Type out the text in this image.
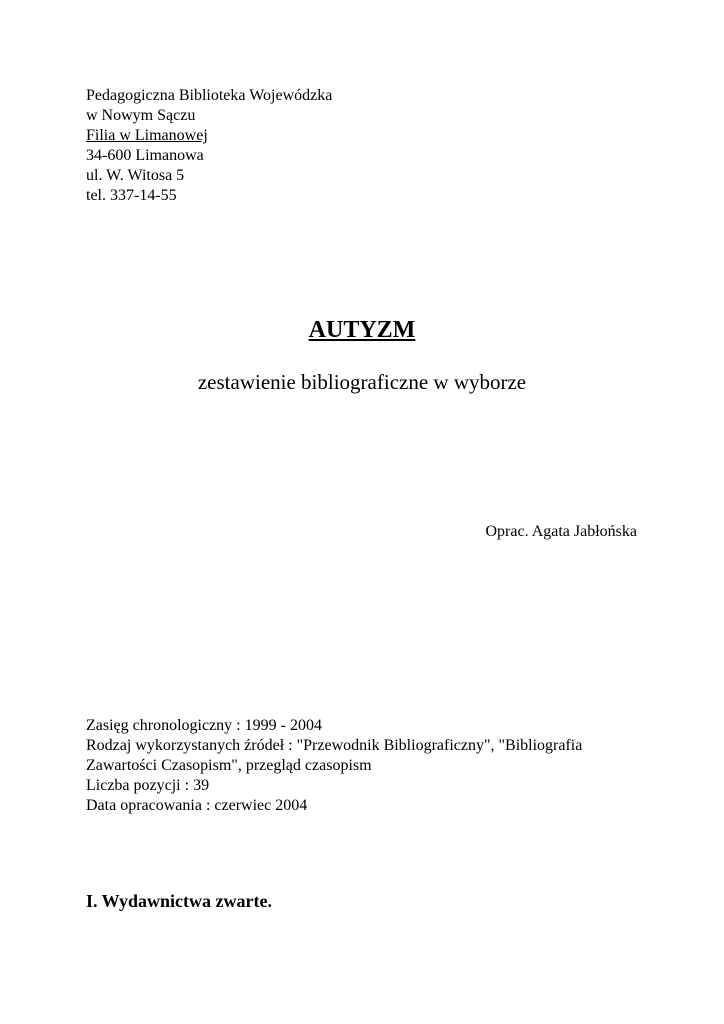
Pedagogiczna Biblioteka Wojewódzka
w Nowym Sączu
Filia w Limanowej
34-600 Limanowa
ul. W. Witosa 5
tel. 337-14-55
AUTYZM
zestawienie bibliograficzne w wyborze
Oprac. Agata Jabłońska
Zasięg chronologiczny : 1999 - 2004
Rodzaj wykorzystanych źródeł : "Przewodnik Bibliograficzny", "Bibliografia
Zawartości Czasopism", przegląd czasopism
Liczba pozycji : 39
Data opracowania : czerwiec 2004
I. Wydawnictwa zwarte.
